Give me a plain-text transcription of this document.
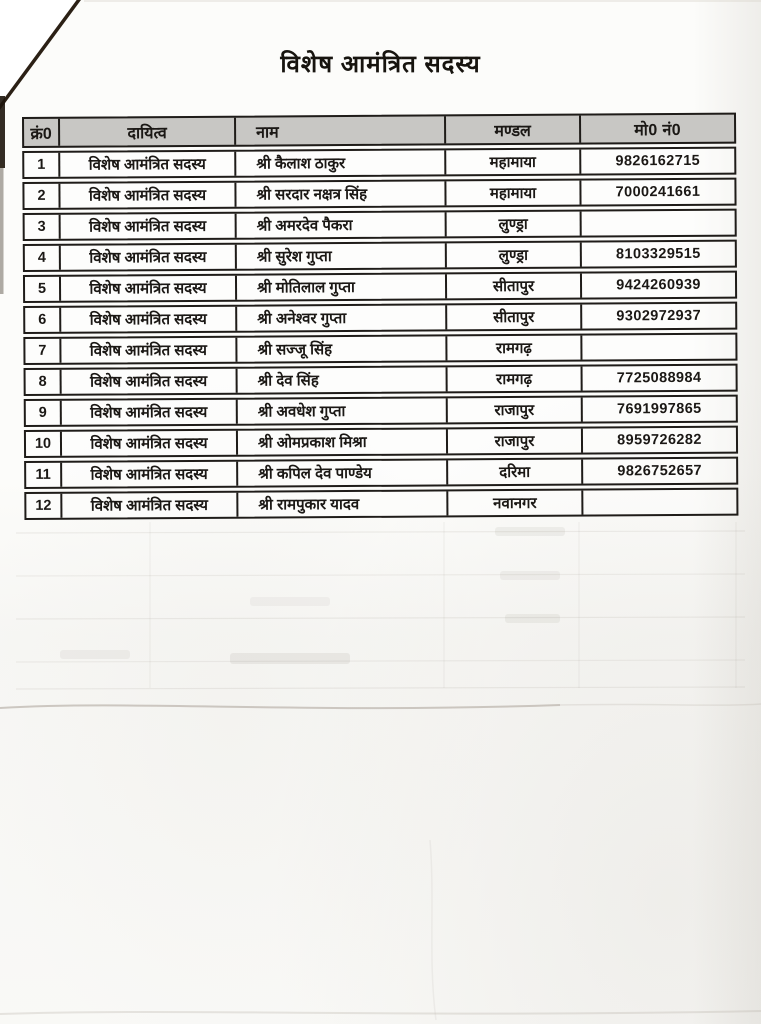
विशेष आमंत्रित सदस्य
क्रं0	दायित्व	नाम	मण्डल	मो0 नं0
1	विशेष आमंत्रित सदस्य	श्री कैलाश ठाकुर	महामाया	9826162715
2	विशेष आमंत्रित सदस्य	श्री सरदार नक्षत्र सिंह	महामाया	7000241661
3	विशेष आमंत्रित सदस्य	श्री अमरदेव पैकरा	लुण्ड्रा
4	विशेष आमंत्रित सदस्य	श्री सुरेश गुप्ता	लुण्ड्रा	8103329515
5	विशेष आमंत्रित सदस्य	श्री मोतिलाल गुप्ता	सीतापुर	9424260939
6	विशेष आमंत्रित सदस्य	श्री अनेश्वर गुप्ता	सीतापुर	9302972937
7	विशेष आमंत्रित सदस्य	श्री सज्जू सिंह	रामगढ़
8	विशेष आमंत्रित सदस्य	श्री देव सिंह	रामगढ़	7725088984
9	विशेष आमंत्रित सदस्य	श्री अवधेश गुप्ता	राजापुर	7691997865
10	विशेष आमंत्रित सदस्य	श्री ओमप्रकाश मिश्रा	राजापुर	8959726282
11	विशेष आमंत्रित सदस्य	श्री कपिल देव पाण्डेय	दरिमा	9826752657
12	विशेष आमंत्रित सदस्य	श्री रामपुकार यादव	नवानगर
